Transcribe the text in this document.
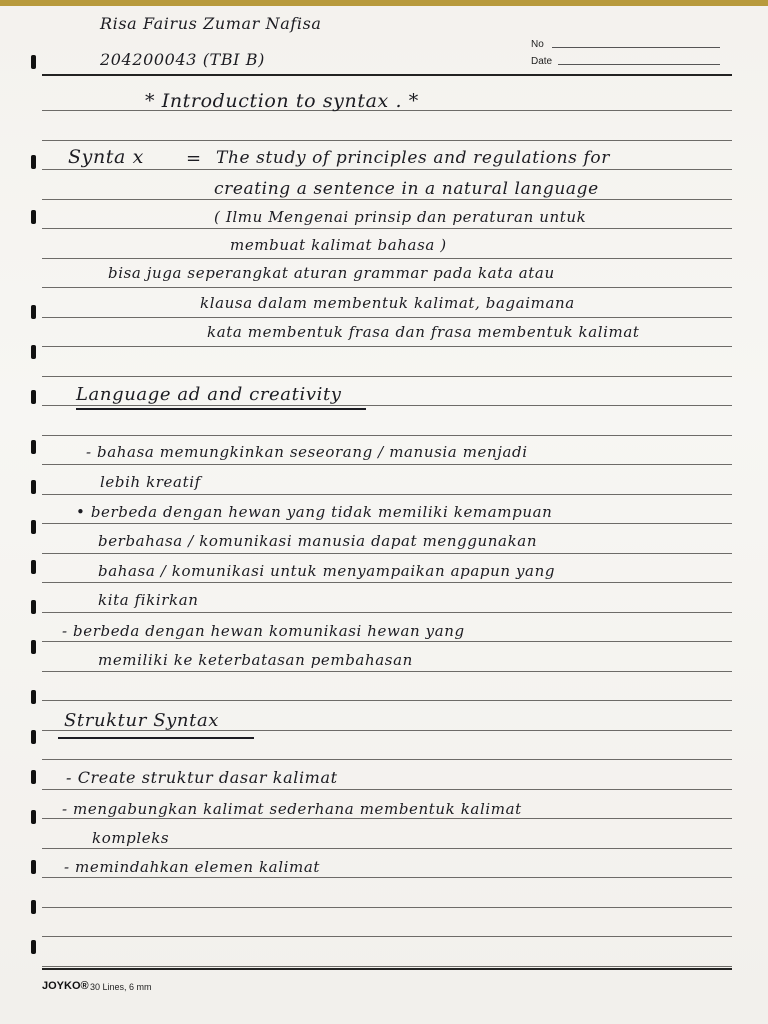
Risa Fairus Zumar Nafisa
204200043 (TBI B)
No
Date
* Introduction to syntax . *
Synta x = The study of principles and regulations for
creating a sentence in a natural language
( Ilmu Mengenai prinsip dan peraturan untuk
membuat kalimat bahasa )
bisa juga seperangkat aturan grammar pada kata atau
klausa dalam membentuk kalimat, bagaimana
kata membentuk frasa dan frasa membentuk kalimat
Language ad and creativity
- bahasa memungkinkan seseorang / manusia menjadi
lebih kreatif
• berbeda dengan hewan yang tidak memiliki kemampuan
berbahasa / komunikasi manusia dapat menggunakan
bahasa / komunikasi untuk menyampaikan apapun yang
kita fikirkan
- berbeda dengan hewan komunikasi hewan yang
memiliki ke keterbatasan pembahasan
Struktur Syntax
- Create struktur dasar kalimat
- mengabungkan kalimat sederhana membentuk kalimat
kompleks
- memindahkan elemen kalimat
JOYKO® 30 Lines, 6 mm
